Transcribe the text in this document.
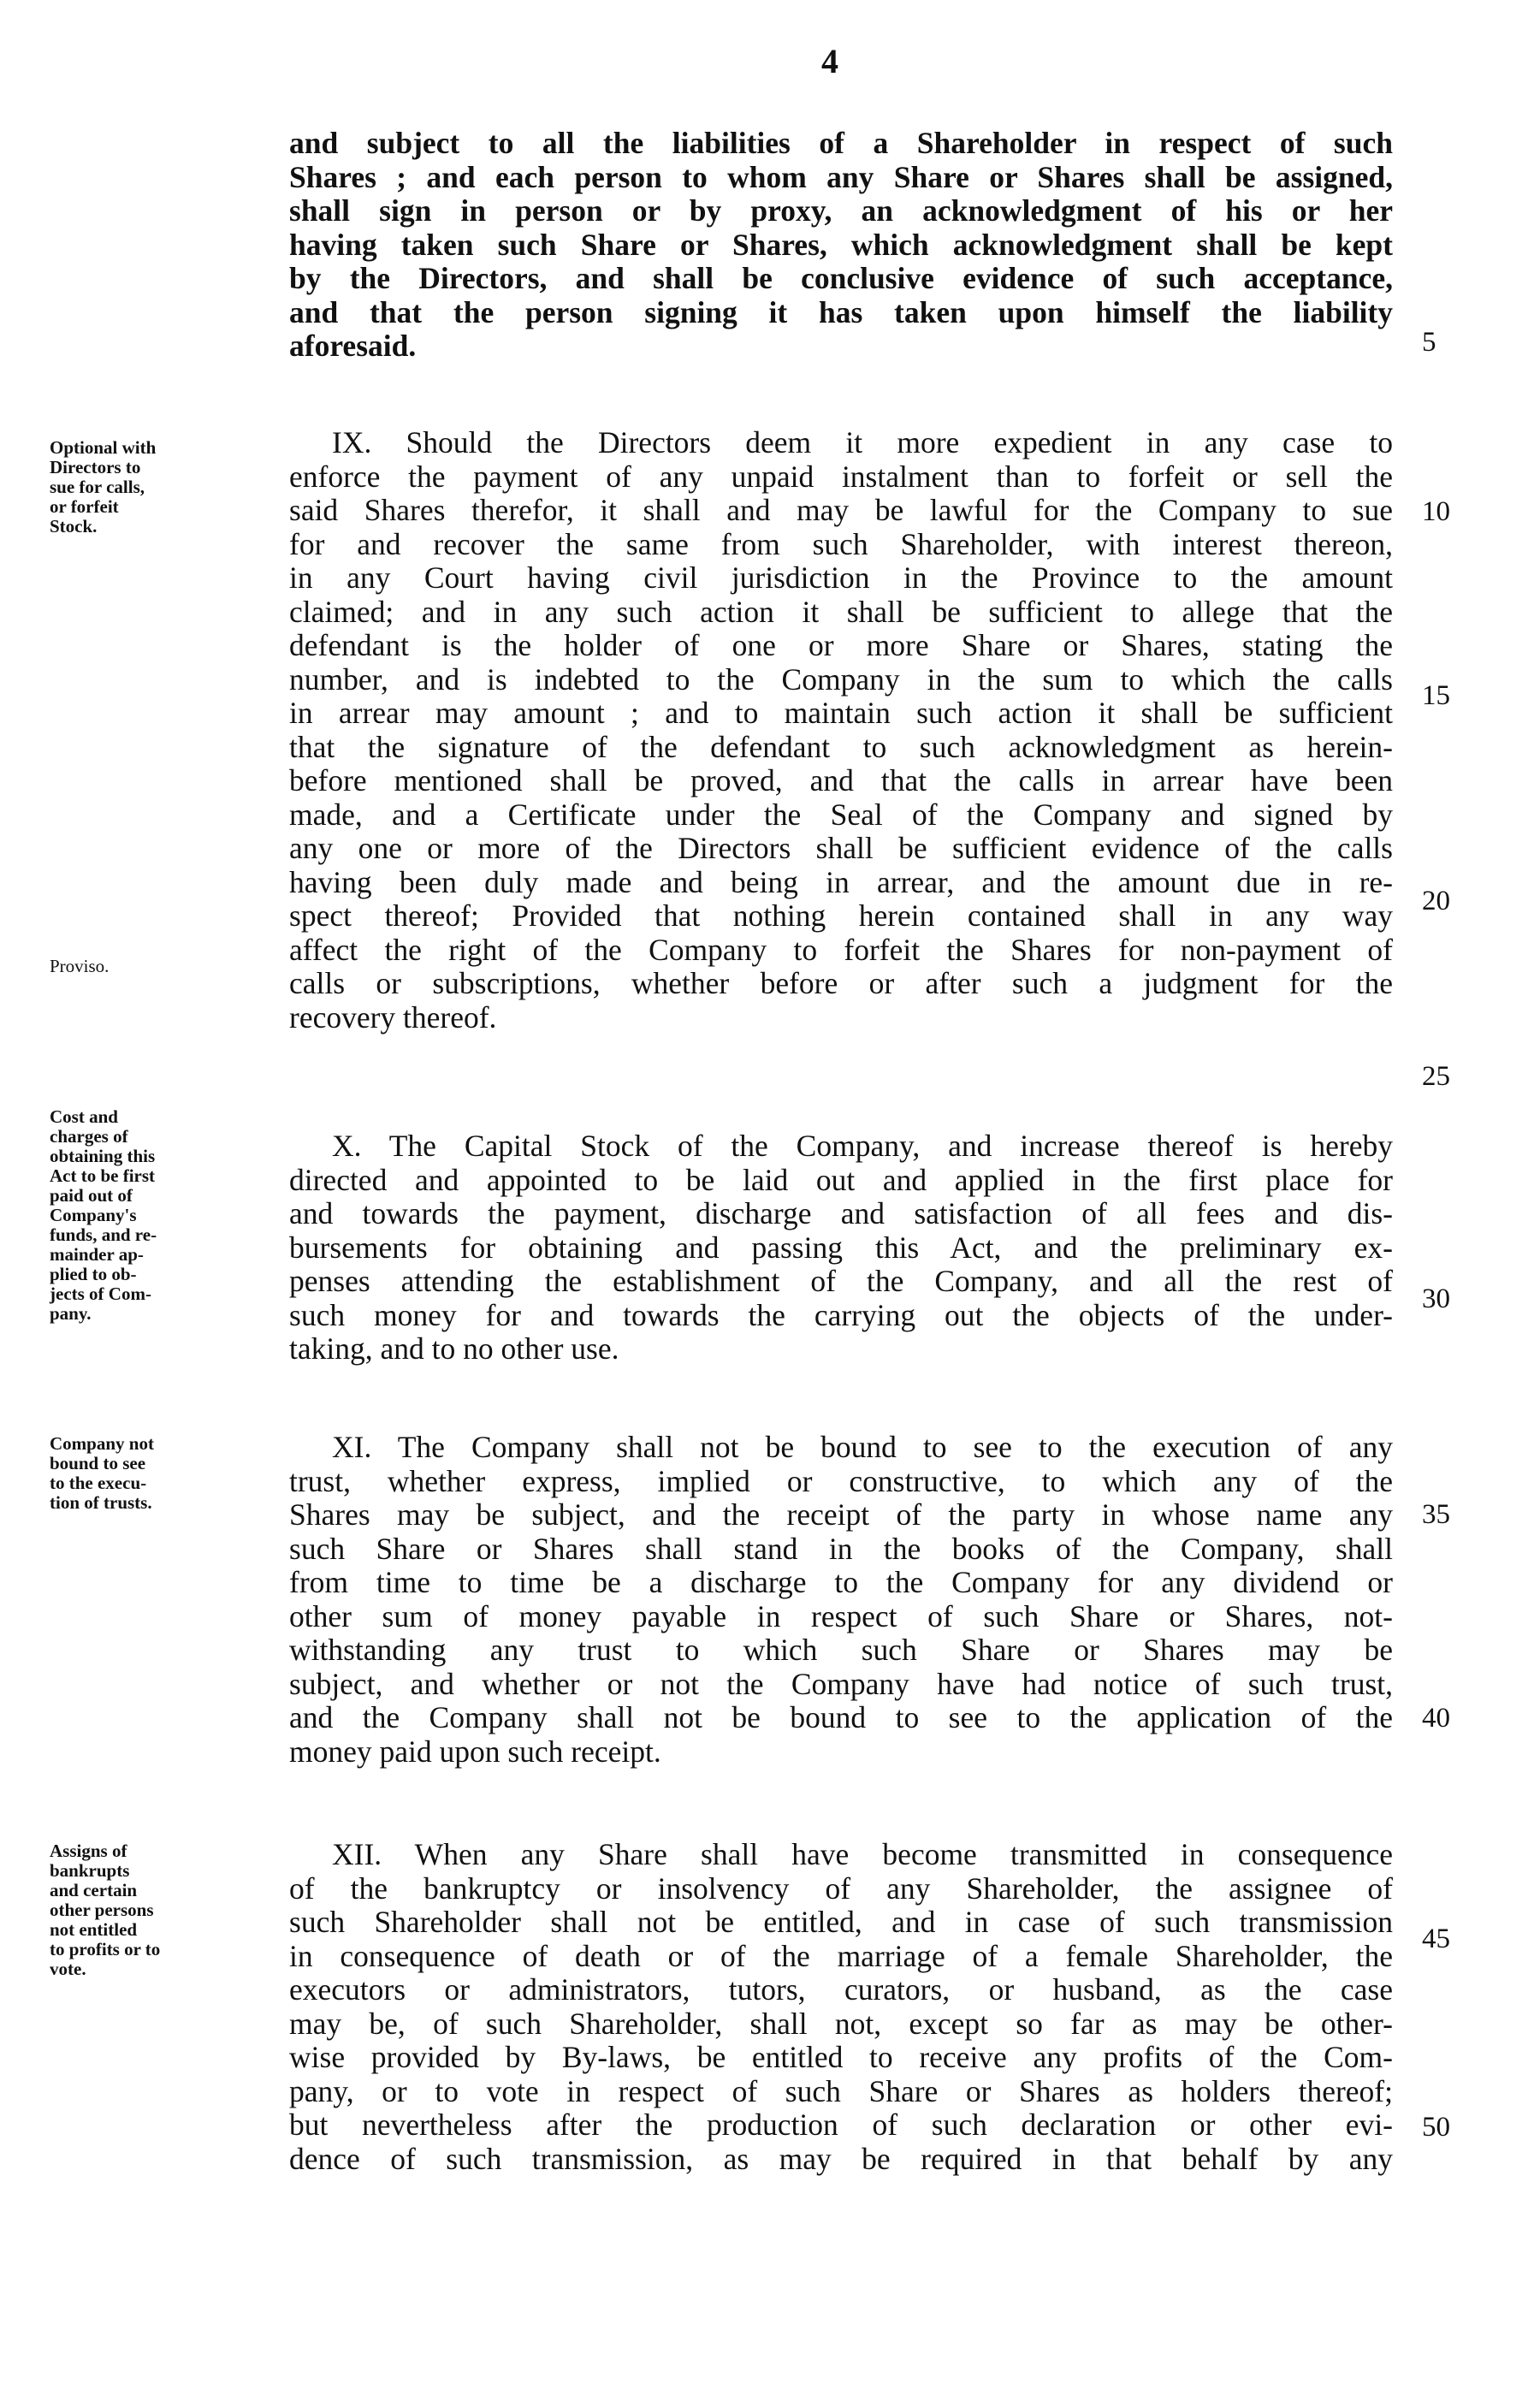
4
and subject to all the liabilities of a Shareholder in respect of such
Shares ; and each person to whom any Share or Shares shall be assigned,
shall sign in person or by proxy, an acknowledgment of his or her
having taken such Share or Shares, which acknowledgment shall be kept
by the Directors, and shall be conclusive evidence of such acceptance,
and that the person signing it has taken upon himself the liability
aforesaid.
IX. Should the Directors deem it more expedient in any case to
enforce the payment of any unpaid instalment than to forfeit or sell the
said Shares therefor, it shall and may be lawful for the Company to sue
for and recover the same from such Shareholder, with interest thereon,
in any Court having civil jurisdiction in the Province to the amount
claimed; and in any such action it shall be sufficient to allege that the
defendant is the holder of one or more Share or Shares, stating the
number, and is indebted to the Company in the sum to which the calls
in arrear may amount ; and to maintain such action it shall be sufficient
that the signature of the defendant to such acknowledgment as herein-
before mentioned shall be proved, and that the calls in arrear have been
made, and a Certificate under the Seal of the Company and signed by
any one or more of the Directors shall be sufficient evidence of the calls
having been duly made and being in arrear, and the amount due in re-
spect thereof; Provided that nothing herein contained shall in any way
affect the right of the Company to forfeit the Shares for non-payment of
calls or subscriptions, whether before or after such a judgment for the
recovery thereof.
X. The Capital Stock of the Company, and increase thereof is hereby
directed and appointed to be laid out and applied in the first place for
and towards the payment, discharge and satisfaction of all fees and dis-
bursements for obtaining and passing this Act, and the preliminary ex-
penses attending the establishment of the Company, and all the rest of
such money for and towards the carrying out the objects of the under-
taking, and to no other use.
XI. The Company shall not be bound to see to the execution of any
trust, whether express, implied or constructive, to which any of the
Shares may be subject, and the receipt of the party in whose name any
such Share or Shares shall stand in the books of the Company, shall
from time to time be a discharge to the Company for any dividend or
other sum of money payable in respect of such Share or Shares, not-
withstanding any trust to which such Share or Shares may be
subject, and whether or not the Company have had notice of such trust,
and the Company shall not be bound to see to the application of the
money paid upon such receipt.
XII. When any Share shall have become transmitted in consequence
of the bankruptcy or insolvency of any Shareholder, the assignee of
such Shareholder shall not be entitled, and in case of such transmission
in consequence of death or of the marriage of a female Shareholder, the
executors or administrators, tutors, curators, or husband, as the case
may be, of such Shareholder, shall not, except so far as may be other-
wise provided by By-laws, be entitled to receive any profits of the Com-
pany, or to vote in respect of such Share or Shares as holders thereof;
but nevertheless after the production of such declaration or other evi-
dence of such transmission, as may be required in that behalf by any
5
10
15
20
25
30
35
40
45
50
Optional with
Directors to
sue for calls,
or forfeit
Stock.
Proviso.
Cost and
charges of
obtaining this
Act to be first
paid out of
Company's
funds, and re-
mainder ap-
plied to ob-
jects of Com-
pany.
Company not
bound to see
to the execu-
tion of trusts.
Assigns of
bankrupts
and certain
other persons
not entitled
to profits or to
vote.
